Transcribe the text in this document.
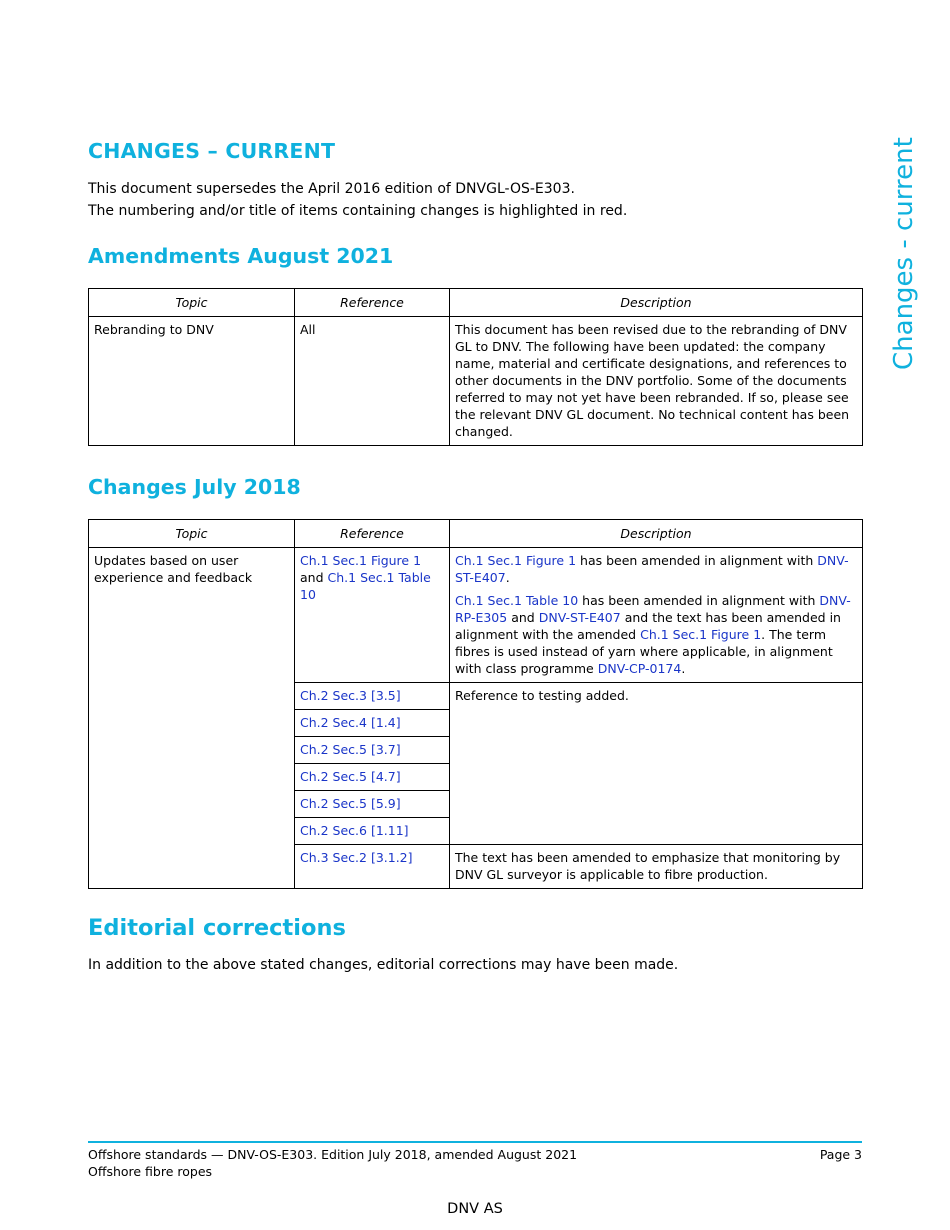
Changes - current
CHANGES – CURRENT
This document supersedes the April 2016 edition of DNVGL-OS-E303.
The numbering and/or title of items containing changes is highlighted in red.
Amendments August 2021
Topic	Reference	Description
Rebranding to DNV	All	This document has been revised due to the rebranding of DNV GL to DNV. The following have been updated: the company name, material and certificate designations, and references to other documents in the DNV portfolio. Some of the documents referred to may not yet have been rebranded. If so, please see the relevant DNV GL document. No technical content has been changed.
Changes July 2018
Topic	Reference	Description
Updates based on user experience and feedback	Ch.1 Sec.1 Figure 1 and Ch.1 Sec.1 Table 10	Ch.1 Sec.1 Figure 1 has been amended in alignment with DNV-ST-E407.

Ch.1 Sec.1 Table 10 has been amended in alignment with DNV-RP-E305 and DNV-ST-E407 and the text has been amended in alignment with the amended Ch.1 Sec.1 Figure 1. The term fibres is used instead of yarn where applicable, in alignment with class programme DNV-CP-0174.

	Ch.2 Sec.3 [3.5]	Reference to testing added.
	Ch.2 Sec.4 [1.4]	
	Ch.2 Sec.5 [3.7]	
	Ch.2 Sec.5 [4.7]	
	Ch.2 Sec.5 [5.9]	
	Ch.2 Sec.6 [1.11]	
	Ch.3 Sec.2 [3.1.2]	The text has been amended to emphasize that monitoring by DNV GL surveyor is applicable to fibre production.
Editorial corrections

In addition to the above stated changes, editorial corrections may have been made.

Offshore standards — DNV-OS-E303. Edition July 2018, amended August 2021
Offshore fibre ropes
Page 3
DNV AS
